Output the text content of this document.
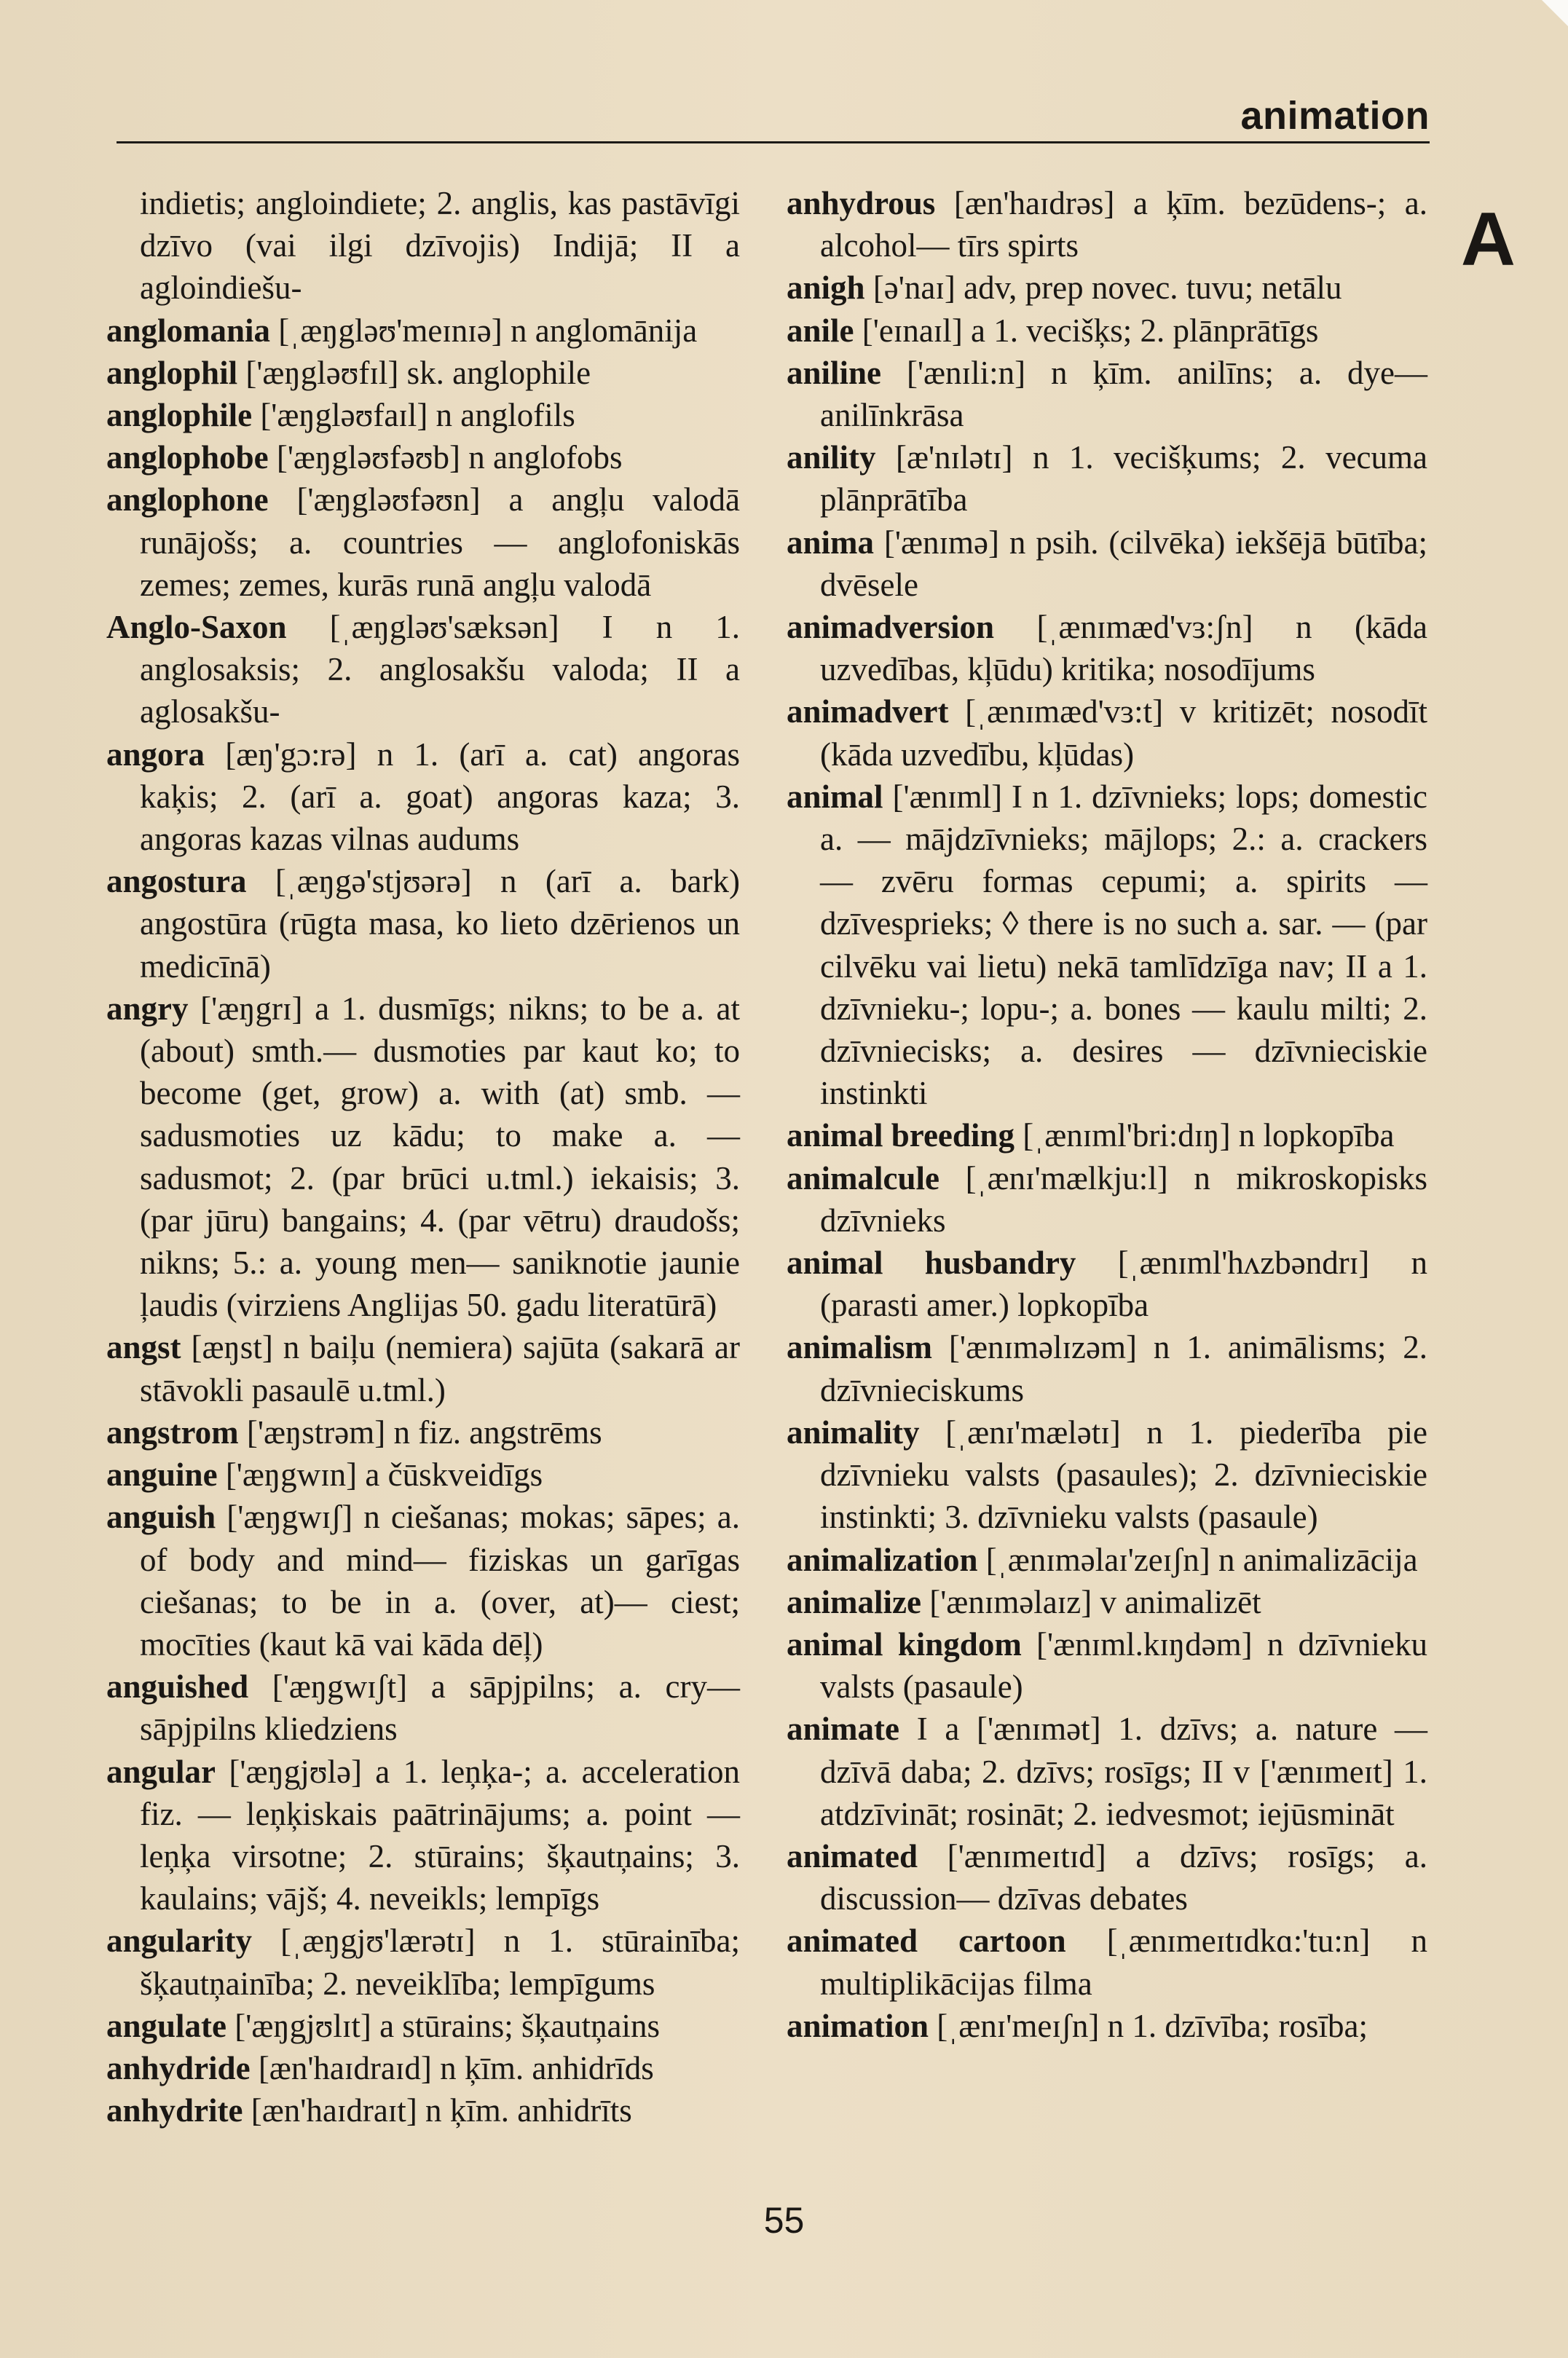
animation
A

indietis; angloindiete; 2. anglis, kas pastāvīgi dzīvo (vai ilgi dzīvojis) Indijā; II a agloindiešu-

anglomania [ˌæŋgləʊ'meɪnɪə] n anglomānija

anglophil ['æŋgləʊfɪl] sk. anglophile

anglophile ['æŋgləʊfaɪl] n anglofils

anglophobe ['æŋgləʊfəʊb] n anglofobs

anglophone ['æŋgləʊfəʊn] a angļu valodā runājošs; a. countries — anglofoniskās zemes; zemes, kurās runā angļu valodā

Anglo-Saxon [ˌæŋgləʊ'sæksən] I n 1. anglosaksis; 2. anglosakšu valoda; II a aglosakšu-

angora [æŋ'gɔ:rə] n 1. (arī a. cat) angoras kaķis; 2. (arī a. goat) angoras kaza; 3. angoras kazas vilnas audums

angostura [ˌæŋgə'stjʊərə] n (arī a. bark) angostūra (rūgta masa, ko lieto dzērienos un medicīnā)

angry ['æŋgrɪ] a 1. dusmīgs; nikns; to be a. at (about) smth.— dusmoties par kaut ko; to become (get, grow) a. with (at) smb. — sadusmoties uz kādu; to make a. — sadusmot; 2. (par brūci u.tml.) iekaisis; 3. (par jūru) bangains; 4. (par vētru) draudošs; nikns; 5.: a. young men— saniknotie jaunie ļaudis (virziens Anglijas 50. gadu literatūrā)

angst [æŋst] n baiļu (nemiera) sajūta (sakarā ar stāvokli pasaulē u.tml.)

angstrom ['æŋstrəm] n fiz. angstrēms

anguine ['æŋgwɪn] a čūskveidīgs

anguish ['æŋgwɪʃ] n ciešanas; mokas; sāpes; a. of body and mind— fiziskas un garīgas ciešanas; to be in a. (over, at)— ciest; mocīties (kaut kā vai kāda dēļ)

anguished ['æŋgwɪʃt] a sāpjpilns; a. cry— sāpjpilns kliedziens

angular ['æŋgjʊlə] a 1. leņķa-; a. acceleration fiz. — leņķiskais paātrinājums; a. point — leņķa virsotne; 2. stūrains; šķautņains; 3. kaulains; vājš; 4. neveikls; lempīgs

angularity [ˌæŋgjʊ'lærətɪ] n 1. stūrainība; šķautņainība; 2. neveiklība; lempīgums

angulate ['æŋgjʊlɪt] a stūrains; šķautņains

anhydride [æn'haɪdraɪd] n ķīm. anhidrīds

anhydrite [æn'haɪdraɪt] n ķīm. anhidrīts

anhydrous [æn'haɪdrəs] a ķīm. bezūdens-; a. alcohol— tīrs spirts

anigh [ə'naɪ] adv, prep novec. tuvu; netālu

anile ['eɪnaɪl] a 1. vecišķs; 2. plānprātīgs

aniline ['ænɪli:n] n ķīm. anilīns; a. dye— anilīnkrāsa

anility [æ'nɪlətɪ] n 1. vecišķums; 2. vecuma plānprātība

anima ['ænɪmə] n psih. (cilvēka) iekšējā būtība; dvēsele

animadversion [ˌænɪmæd'vɜ:ʃn] n (kāda uzvedības, kļūdu) kritika; nosodījums

animadvert [ˌænɪmæd'vɜ:t] v kritizēt; nosodīt (kāda uzvedību, kļūdas)

animal ['ænɪml] I n 1. dzīvnieks; lops; domestic a. — mājdzīvnieks; mājlops; 2.: a. crackers — zvēru formas cepumi; a. spirits — dzīvesprieks; ◊ there is no such a. sar. — (par cilvēku vai lietu) nekā tamlīdzīga nav; II a 1. dzīvnieku-; lopu-; a. bones — kaulu milti; 2. dzīvniecisks; a. desires — dzīvnieciskie instinkti

animal breeding [ˌænɪml'bri:dɪŋ] n lopkopība

animalcule [ˌænɪ'mælkju:l] n mikroskopisks dzīvnieks

animal husbandry [ˌænɪml'hʌzbəndrɪ] n (parasti amer.) lopkopība

animalism ['ænɪməlɪzəm] n 1. animālisms; 2. dzīvnieciskums

animality [ˌænɪ'mælətɪ] n 1. piederība pie dzīvnieku valsts (pasaules); 2. dzīvnieciskie instinkti; 3. dzīvnieku valsts (pasaule)

animalization [ˌænɪməlaɪ'zeɪʃn] n animalizācija

animalize ['ænɪməlaɪz] v animalizēt

animal kingdom ['ænɪml.kɪŋdəm] n dzīvnieku valsts (pasaule)

animate I a ['ænɪmət] 1. dzīvs; a. nature — dzīvā daba; 2. dzīvs; rosīgs; II v ['ænɪmeɪt] 1. atdzīvināt; rosināt; 2. iedvesmot; iejūsmināt

animated ['ænɪmeɪtɪd] a dzīvs; rosīgs; a. discussion— dzīvas debates

animated cartoon [ˌænɪmeɪtɪdkɑ:'tu:n] n multiplikācijas filma

animation [ˌænɪ'meɪʃn] n 1. dzīvība; rosība;

55
